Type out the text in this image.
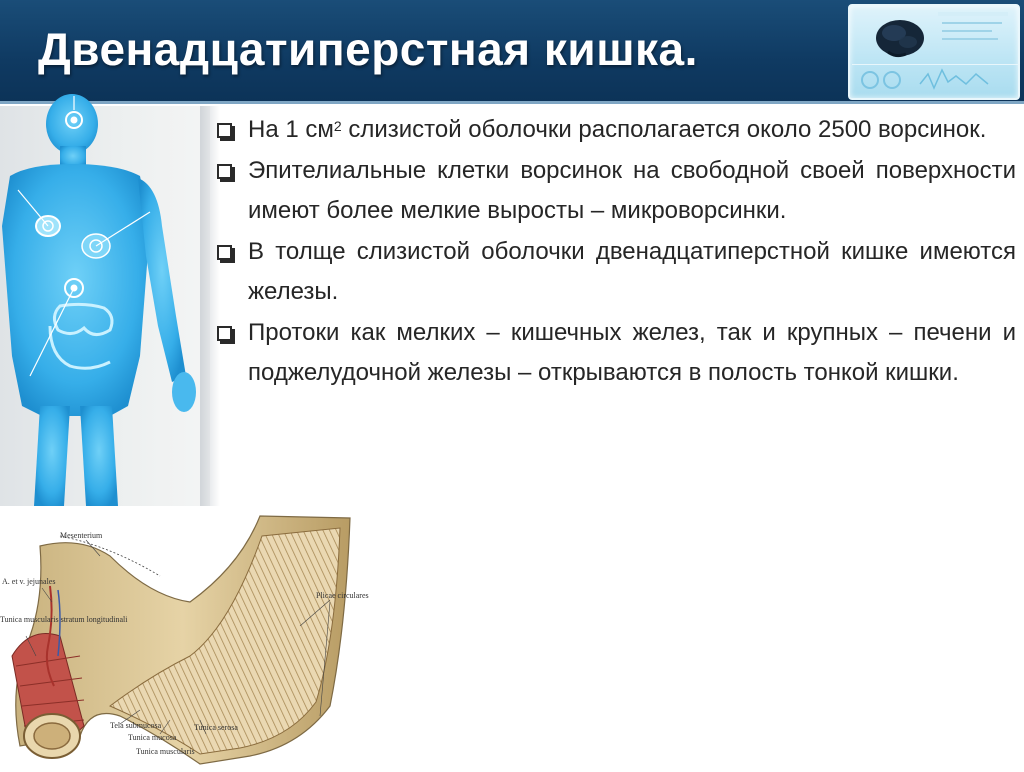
Двенадцатиперстная кишка.
На 1 $см^2$ слизистой оболочки располагается около 2500 ворсинок.
Эпителиальные клетки ворсинок на свободной своей поверхности имеют более мелкие выросты – микроворсинки.
В толще слизистой оболочки двенадцатиперстной кишке имеются железы.
Протоки как мелких – кишечных желез, так и крупных – печени и поджелудочной железы – открываются в полость тонкой кишки.
Mesenterium
A. et v. jejunales
Tunica muscularis stratum longitudinali
Plicae circulares
Tela submucosa
Tunica mucosa
Tunica muscularis
Tunica serosa
